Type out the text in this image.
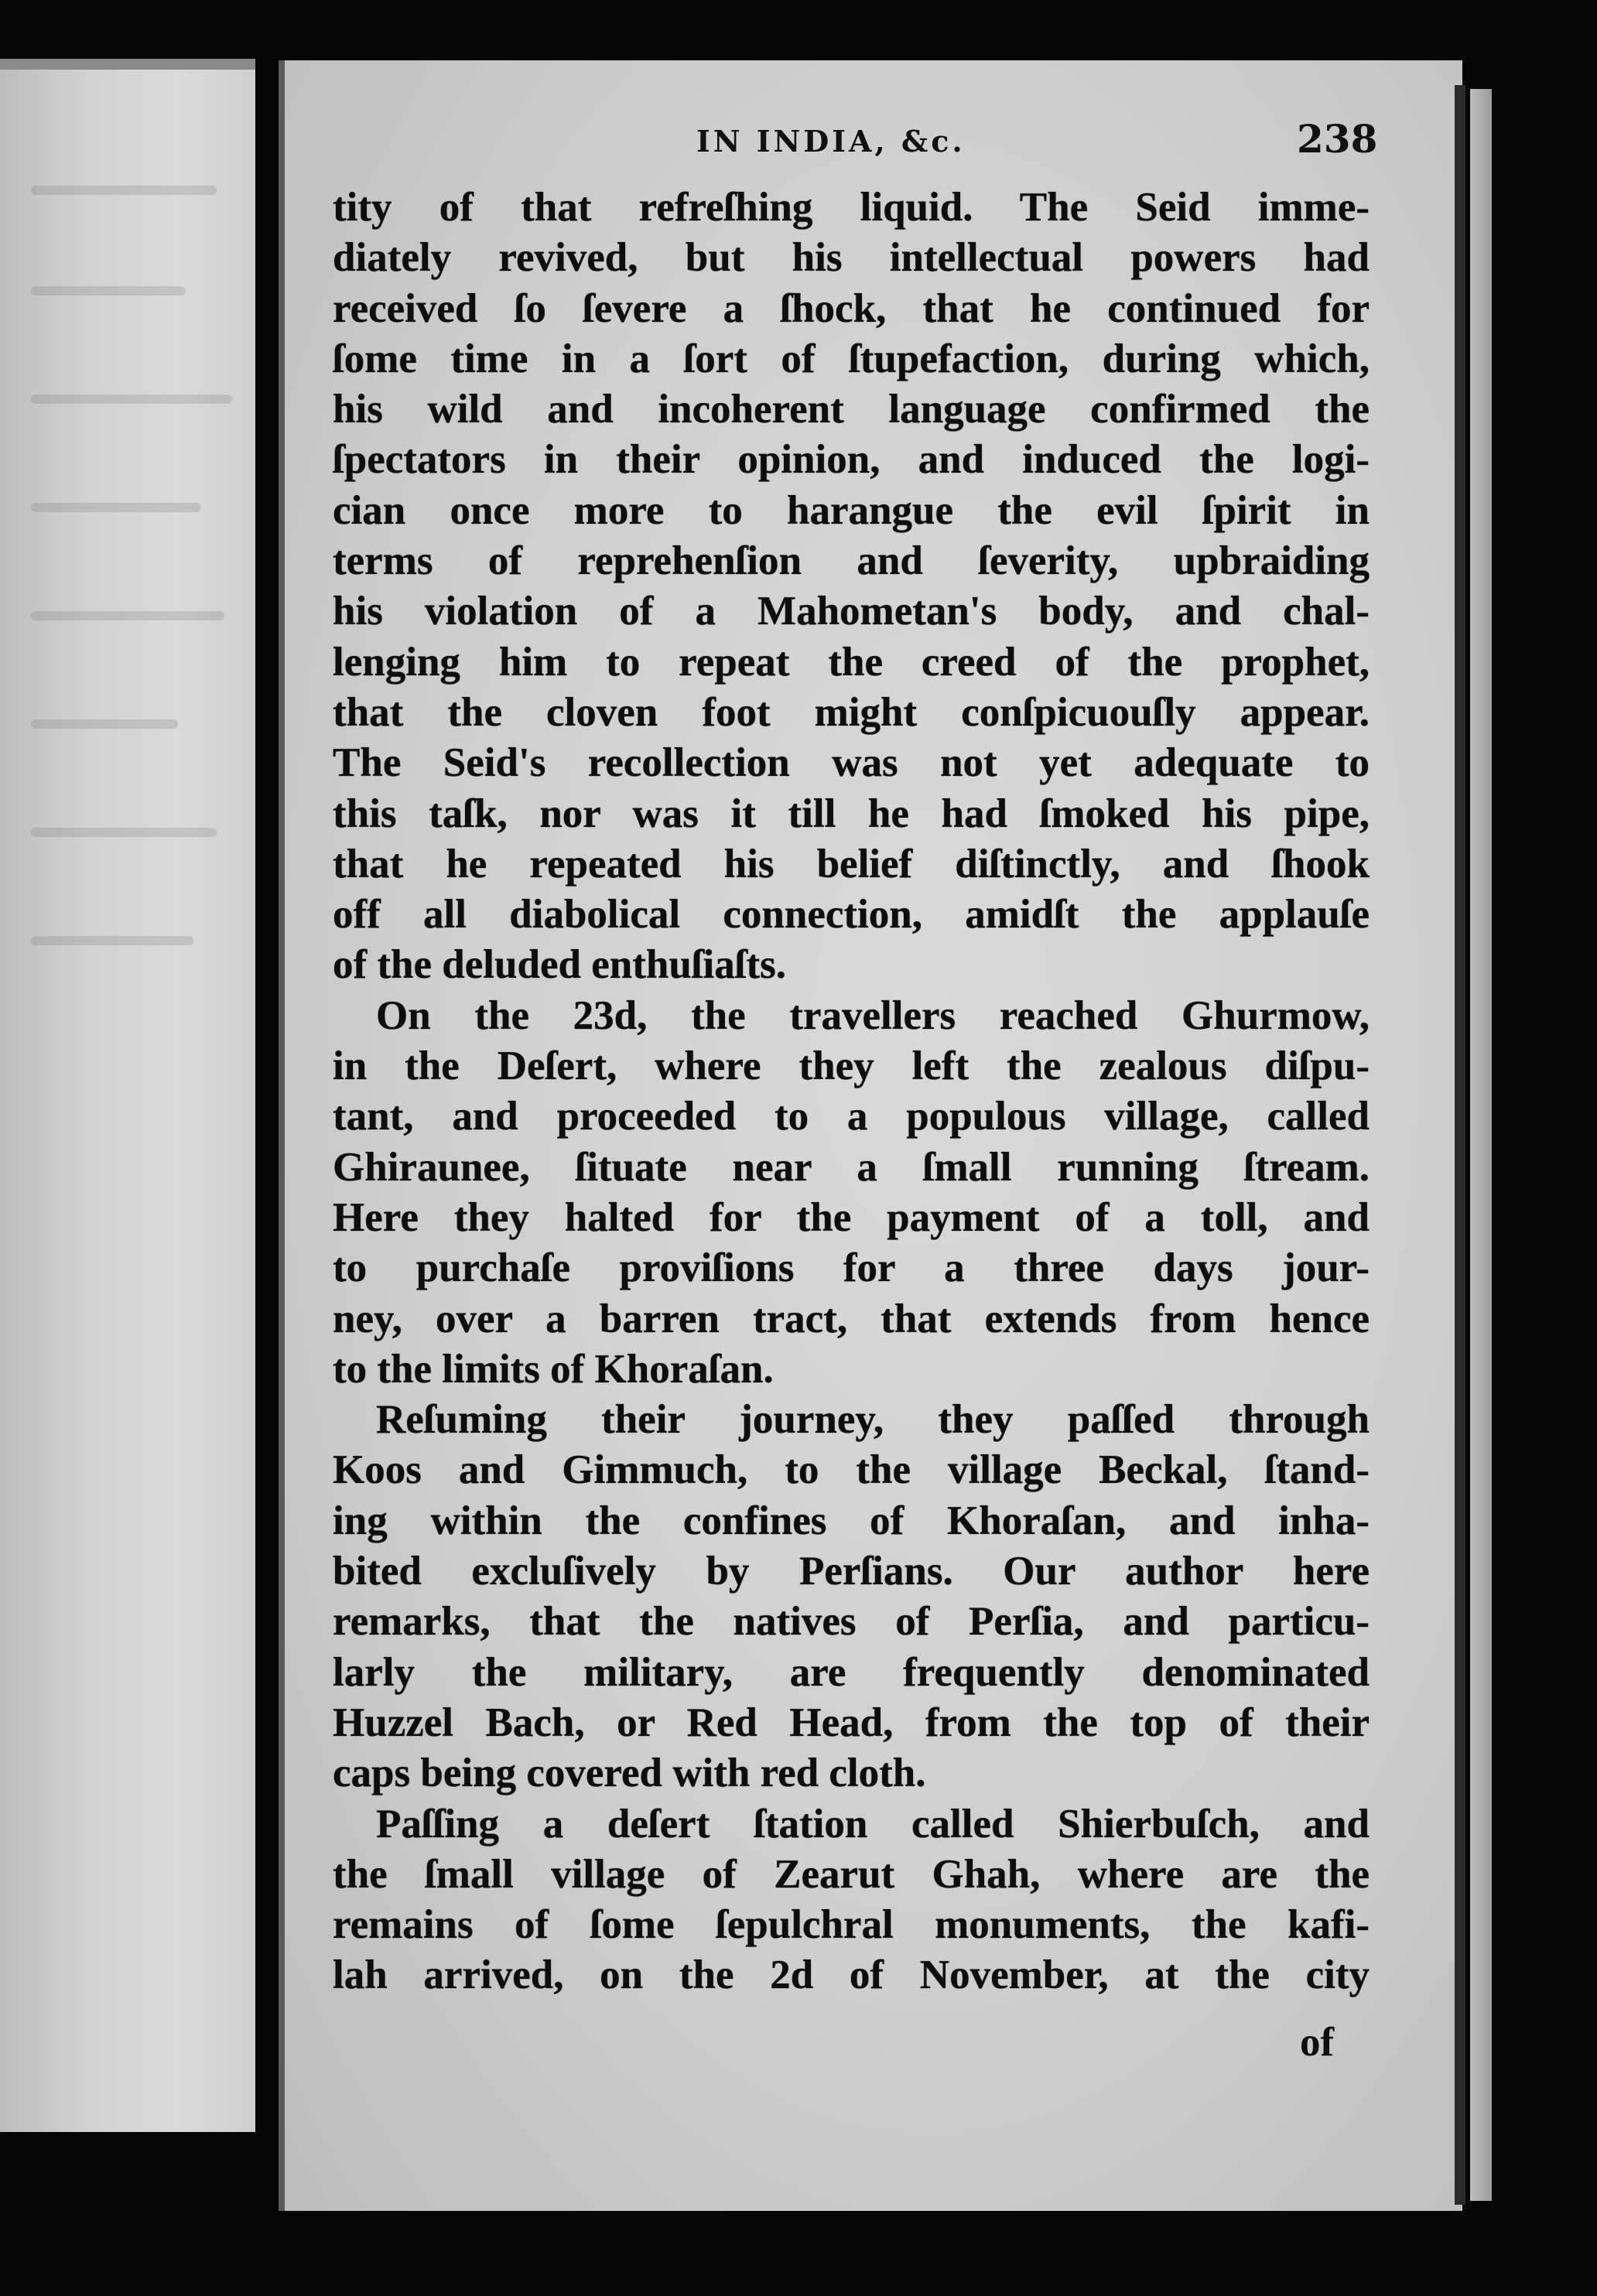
IN INDIA, &c.	238
tity of that refreſhing liquid. The Seid imme-
diately revived, but his intellectual powers had
received ſo ſevere a ſhock, that he continued for
ſome time in a ſort of ſtupefaction, during which,
his wild and incoherent language confirmed the
ſpectators in their opinion, and induced the logi-
cian once more to harangue the evil ſpirit in
terms of reprehenſion and ſeverity, upbraiding
his violation of a Mahometan's body, and chal-
lenging him to repeat the creed of the prophet,
that the cloven foot might conſpicuouſly appear.
The Seid's recollection was not yet adequate to
this taſk, nor was it till he had ſmoked his pipe,
that he repeated his belief diſtinctly, and ſhook
off all diabolical connection, amidſt the applauſe
of the deluded enthuſiaſts.
On the 23d, the travellers reached Ghurmow,
in the Deſert, where they left the zealous diſpu-
tant, and proceeded to a populous village, called
Ghiraunee, ſituate near a ſmall running ſtream.
Here they halted for the payment of a toll, and
to purchaſe proviſions for a three days jour-
ney, over a barren tract, that extends from hence
to the limits of Khoraſan.
Reſuming their journey, they paſſed through
Koos and Gimmuch, to the village Beckal, ſtand-
ing within the confines of Khoraſan, and inha-
bited excluſively by Perſians. Our author here
remarks, that the natives of Perſia, and particu-
larly the military, are frequently denominated
Huzzel Bach, or Red Head, from the top of their
caps being covered with red cloth.
Paſſing a deſert ſtation called Shierbuſch, and
the ſmall village of Zearut Ghah, where are the
remains of ſome ſepulchral monuments, the kafi-
lah arrived, on the 2d of November, at the city
of
